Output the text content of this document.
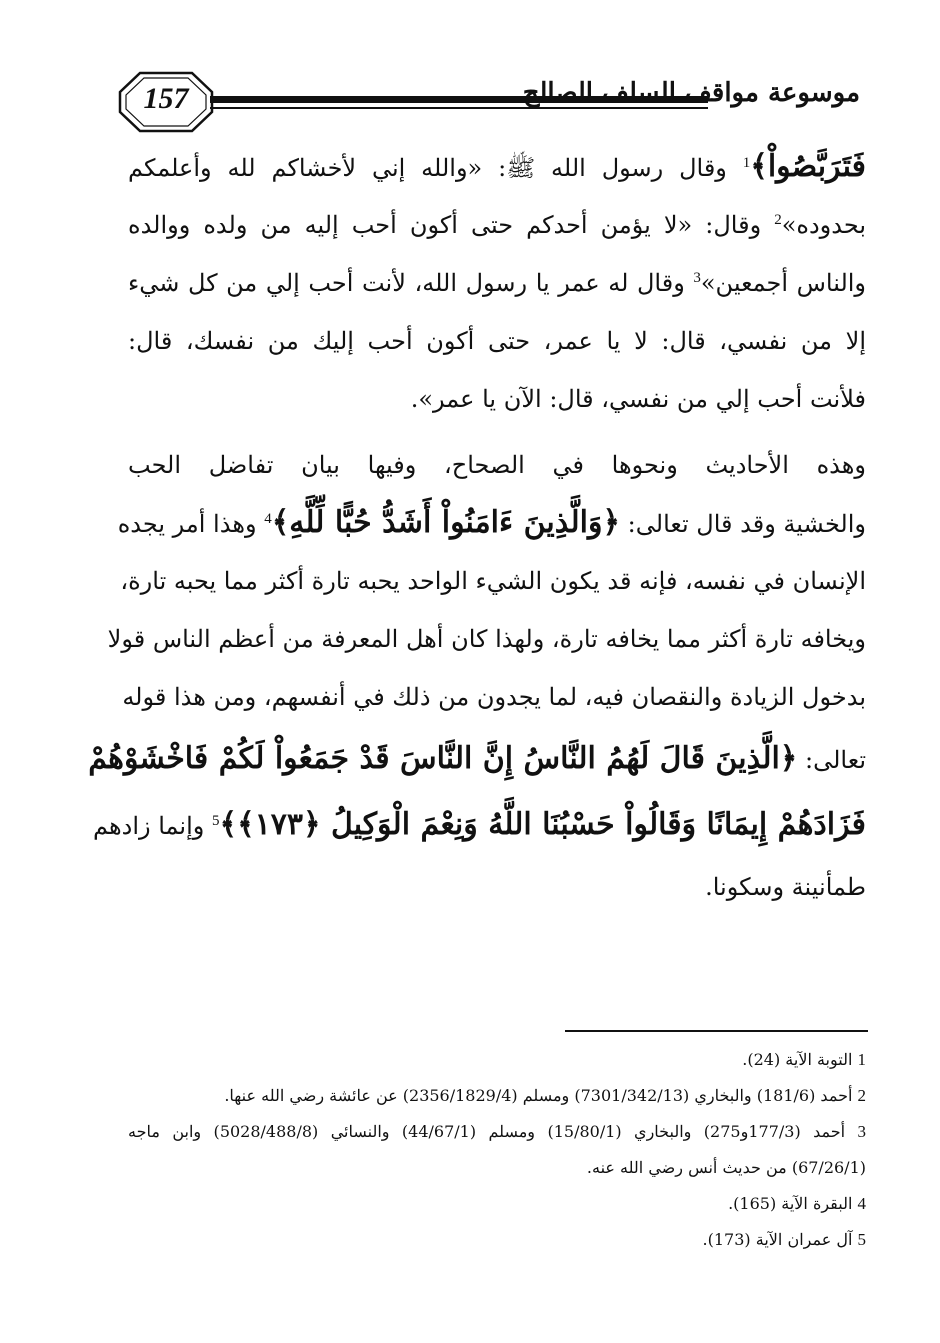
157	موسوعة مواقف السلف الصالح
فَتَرَبَّصُواْ﴾$^1$ وقال رسول الله ﷺ: «والله إني لأخشاكم لله وأعلمكم
بحدوده»$^2$ وقال: «لا يؤمن أحدكم حتى أكون أحب إليه من ولده ووالده
والناس أجمعين»$^3$ وقال له عمر يا رسول الله، لأنت أحب إلي من كل شيء
إلا من نفسي، قال: لا يا عمر، حتى أكون أحب إليك من نفسك، قال:
فلأنت أحب إلي من نفسي، قال: الآن يا عمر».
وهذه الأحاديث ونحوها في الصحاح، وفيها بيان تفاضل الحب
والخشية وقد قال تعالى: ﴿وَالَّذِينَ ءَامَنُواْ أَشَدُّ حُبًّا لِّلَّهِ﴾$^4$ وهذا أمر يجده
الإنسان في نفسه، فإنه قد يكون الشيء الواحد يحبه تارة أكثر مما يحبه تارة،
ويخافه تارة أكثر مما يخافه تارة، ولهذا كان أهل المعرفة من أعظم الناس قولا
بدخول الزيادة والنقصان فيه، لما يجدون من ذلك في أنفسهم، ومن هذا قوله
تعالى: ﴿الَّذِينَ قَالَ لَهُمُ النَّاسُ إِنَّ النَّاسَ قَدْ جَمَعُواْ لَكُمْ فَاخْشَوْهُمْ
فَزَادَهُمْ إِيمَانًا وَقَالُواْ حَسْبُنَا اللَّهُ وَنِعْمَ الْوَكِيلُ ﴿١٧٣﴾﴾$^5$ وإنما زادهم
طمأنينة وسكونا.
1 التوبة الآية (24).
2 أحمد (181/6) والبخاري (7301/342/13) ومسلم (2356/1829/4) عن عائشة رضي الله عنها.
3 أحمد (177/3و275) والبخاري (15/80/1) ومسلم (44/67/1) والنسائي (5028/488/8) وابن ماجه
(67/26/1) من حديث أنس رضي الله عنه.
4 البقرة الآية (165).
5 آل عمران الآية (173).
